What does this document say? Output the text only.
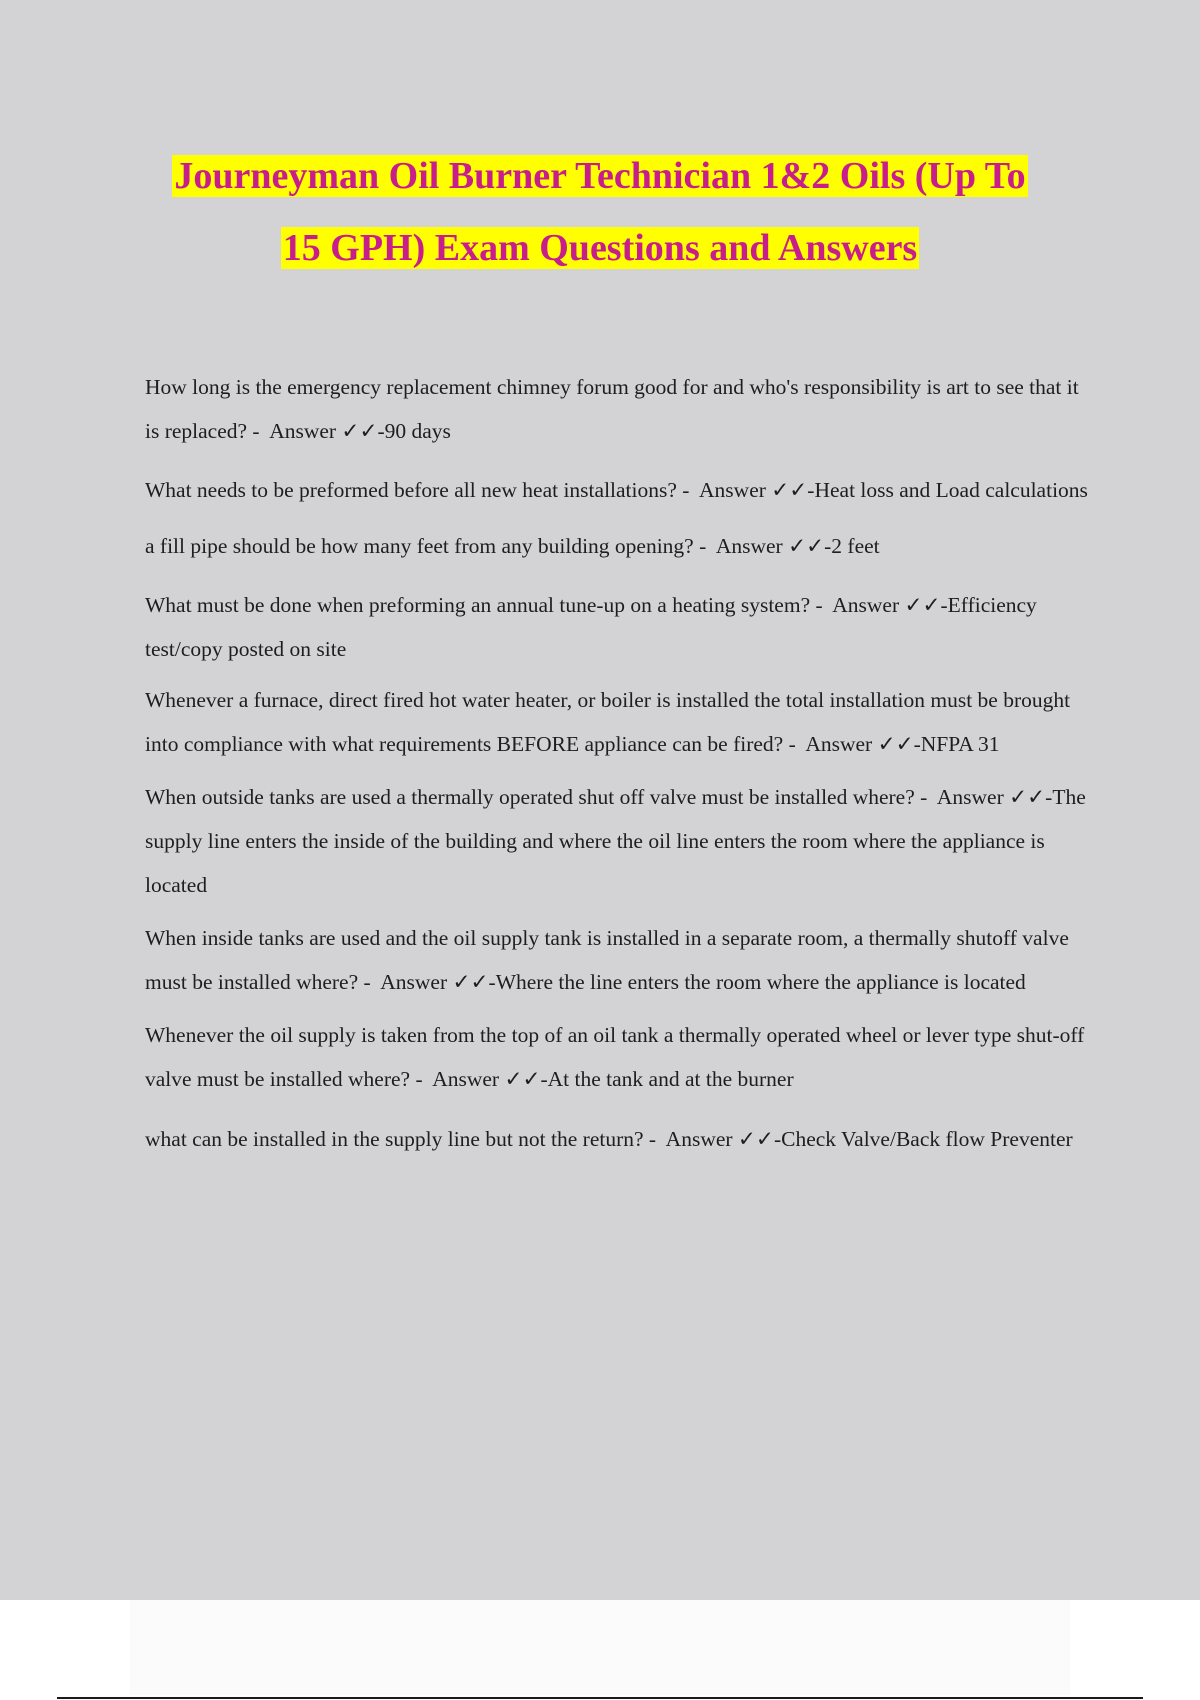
Journeyman Oil Burner Technician 1&2 Oils (Up To
15 GPH) Exam Questions and Answers
How long is the emergency replacement chimney forum good for and who's responsibility is art to see that it is replaced? - Answer ✓✓-90 days
What needs to be preformed before all new heat installations? - Answer ✓✓-Heat loss and Load calculations
a fill pipe should be how many feet from any building opening? - Answer ✓✓-2 feet
What must be done when preforming an annual tune-up on a heating system? - Answer ✓✓-Efficiency test/copy posted on site
Whenever a furnace, direct fired hot water heater, or boiler is installed the total installation must be brought into compliance with what requirements BEFORE appliance can be fired? - Answer ✓✓-NFPA 31
When outside tanks are used a thermally operated shut off valve must be installed where? - Answer ✓✓-The supply line enters the inside of the building and where the oil line enters the room where the appliance is located
When inside tanks are used and the oil supply tank is installed in a separate room, a thermally shutoff valve must be installed where? - Answer ✓✓-Where the line enters the room where the appliance is located
Whenever the oil supply is taken from the top of an oil tank a thermally operated wheel or lever type shut-off valve must be installed where? - Answer ✓✓-At the tank and at the burner
what can be installed in the supply line but not the return? - Answer ✓✓-Check Valve/Back flow Preventer
